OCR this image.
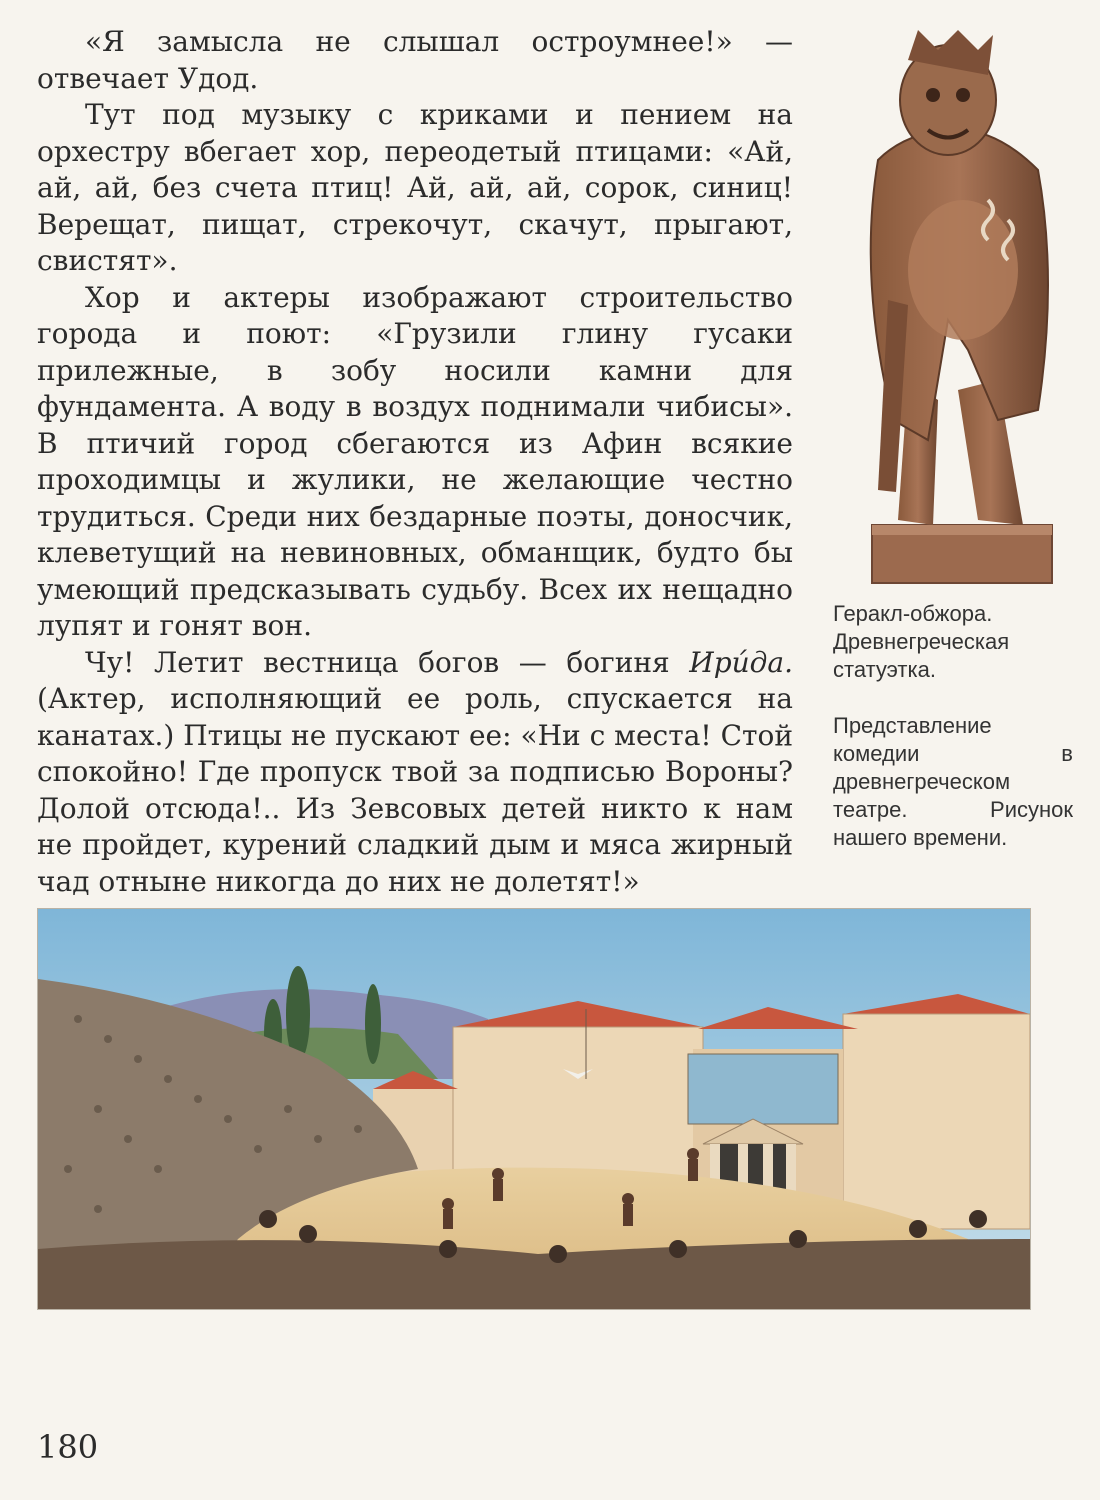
«Я замысла не слышал остроумнее!» — отвечает Удод.

Тут под музыку с криками и пением на орхестру вбегает хор, переодетый птицами: «Ай, ай, ай, без счета птиц! Ай, ай, ай, сорок, синиц! Верещат, пищат, стрекочут, скачут, прыгают, свистят».

Хор и актеры изображают строительство города и поют: «Грузили глину гусаки прилежные, в зобу носили камни для фундамента. А воду в воздух поднимали чибисы». В птичий город сбегаются из Афин всякие проходимцы и жулики, не желающие честно трудиться. Среди них бездарные поэты, доносчик, клеветущий на невиновных, обманщик, будто бы умеющий предсказывать судьбу. Всех их нещадно лупят и гонят вон.

Чу! Летит вестница богов — богиня Ирúда. (Актер, исполняющий ее роль, спускается на канатах.) Птицы не пускают ее: «Ни с места! Стой спокойно! Где пропуск твой за подписью Вороны? Долой отсюда!.. Из Зевсовых детей никто к нам не пройдет, курений сладкий дым и мяса жирный чад отныне никогда до них не долетят!»

Геракл-обжора. Древнегреческая статуэтка.
Представление комедии в древнегреческом театре. Рисунок нашего времени.
180
